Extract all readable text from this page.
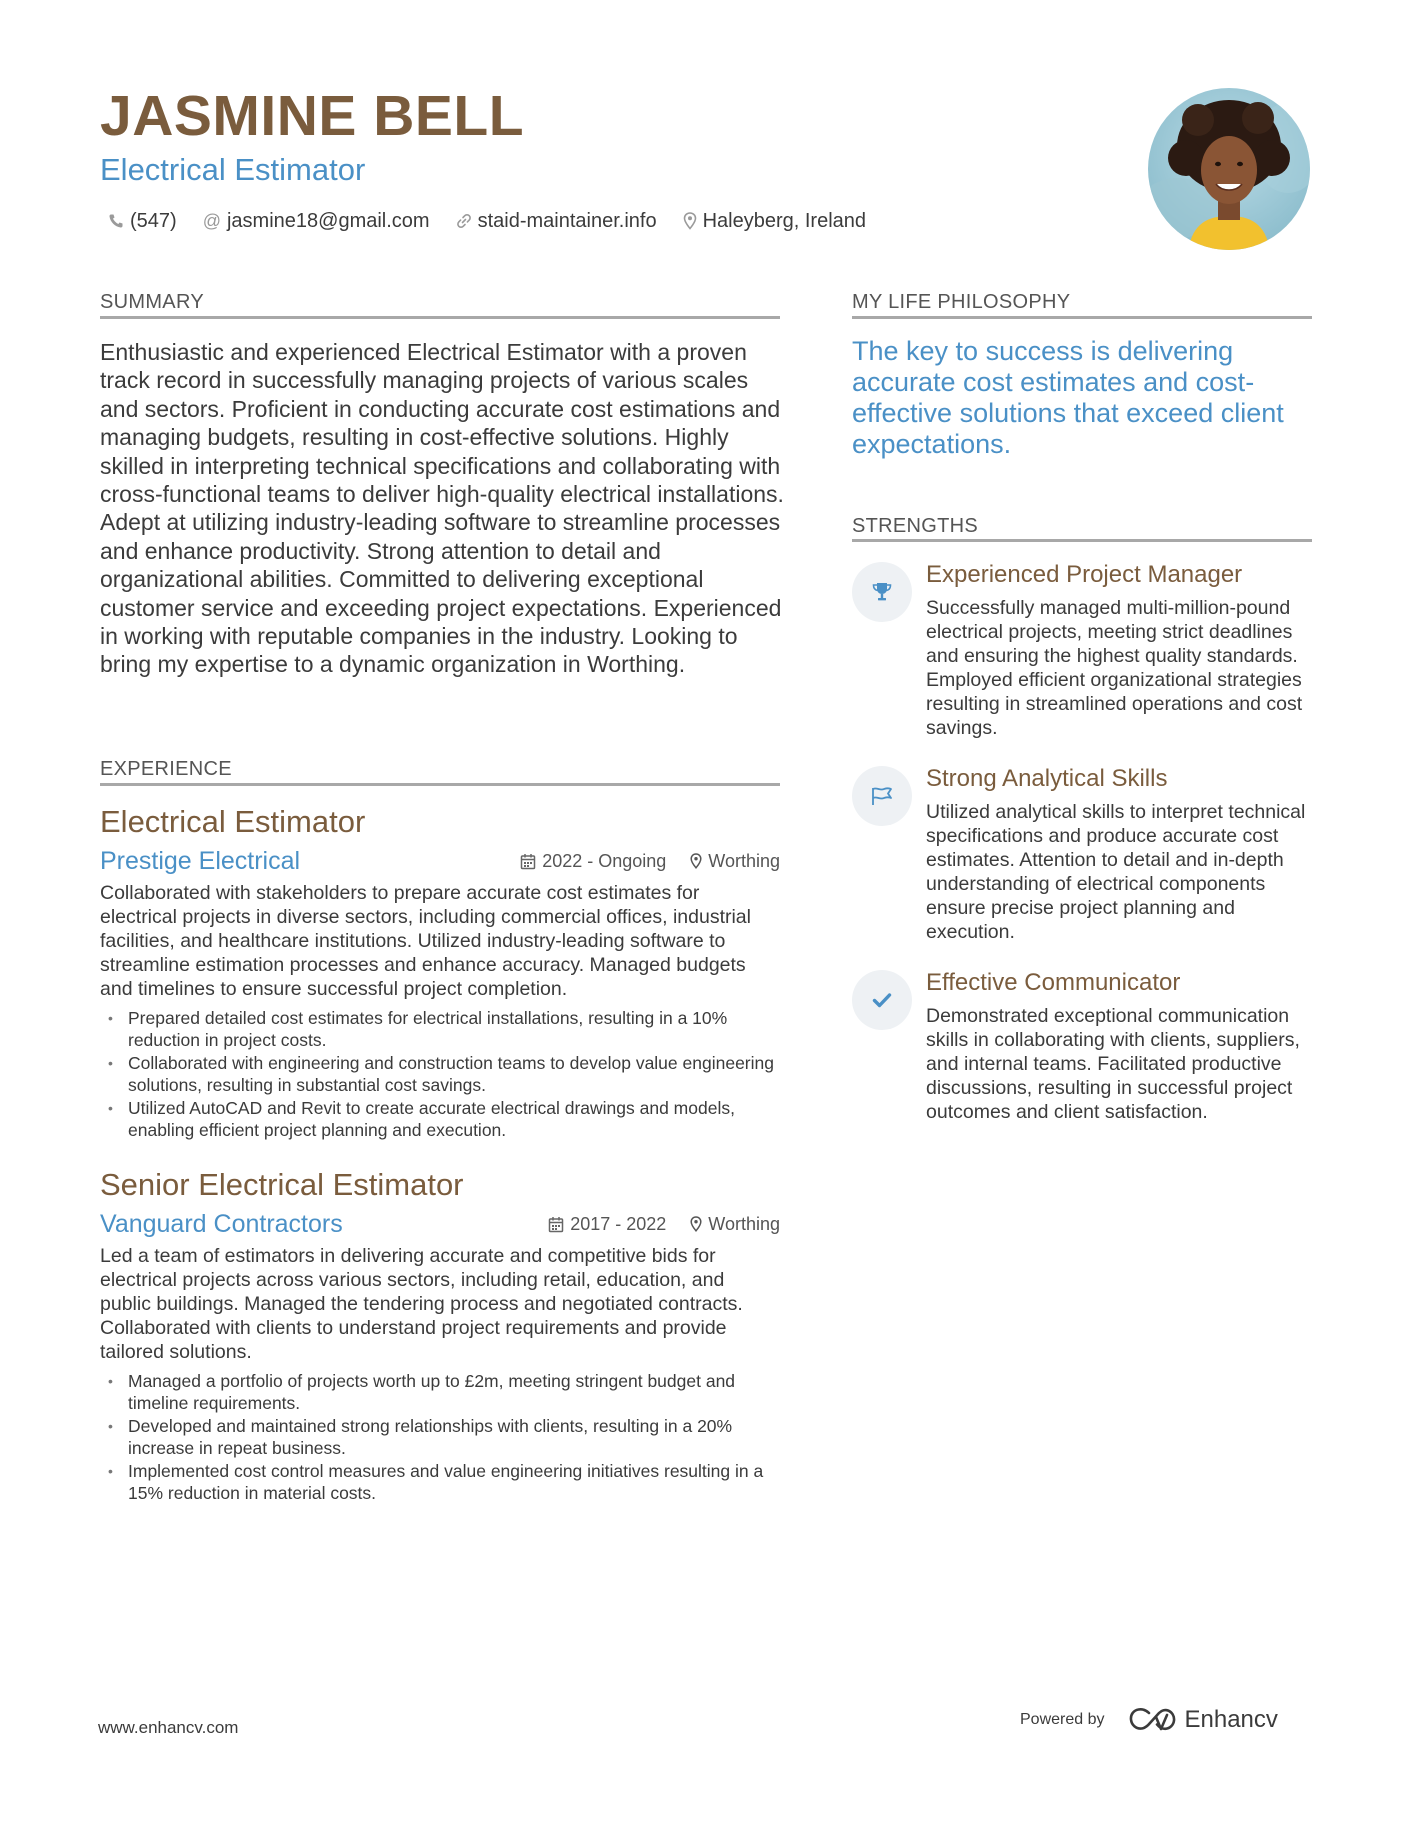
JASMINE BELL
Electrical Estimator
(547) @ jasmine18@gmail.com staid-maintainer.info Haleyberg, Ireland
SUMMARY
Enthusiastic and experienced Electrical Estimator with a proven track record in successfully managing projects of various scales and sectors. Proficient in conducting accurate cost estimations and managing budgets, resulting in cost-effective solutions. Highly skilled in interpreting technical specifications and collaborating with cross-functional teams to deliver high-quality electrical installations. Adept at utilizing industry-leading software to streamline processes and enhance productivity. Strong attention to detail and organizational abilities. Committed to delivering exceptional customer service and exceeding project expectations. Experienced in working with reputable companies in the industry. Looking to bring my expertise to a dynamic organization in Worthing.
EXPERIENCE
Electrical Estimator
Prestige Electrical	2022 - Ongoing Worthing
Collaborated with stakeholders to prepare accurate cost estimates for electrical projects in diverse sectors, including commercial offices, industrial facilities, and healthcare institutions. Utilized industry-leading software to streamline estimation processes and enhance accuracy. Managed budgets and timelines to ensure successful project completion.
• Prepared detailed cost estimates for electrical installations, resulting in a 10% reduction in project costs.
• Collaborated with engineering and construction teams to develop value engineering solutions, resulting in substantial cost savings.
• Utilized AutoCAD and Revit to create accurate electrical drawings and models, enabling efficient project planning and execution.
Senior Electrical Estimator
Vanguard Contractors	2017 - 2022 Worthing
Led a team of estimators in delivering accurate and competitive bids for electrical projects across various sectors, including retail, education, and public buildings. Managed the tendering process and negotiated contracts. Collaborated with clients to understand project requirements and provide tailored solutions.
• Managed a portfolio of projects worth up to £2m, meeting stringent budget and timeline requirements.
• Developed and maintained strong relationships with clients, resulting in a 20% increase in repeat business.
• Implemented cost control measures and value engineering initiatives resulting in a 15% reduction in material costs.
MY LIFE PHILOSOPHY
The key to success is delivering accurate cost estimates and cost-effective solutions that exceed client expectations.
STRENGTHS
Experienced Project Manager
Successfully managed multi-million-pound electrical projects, meeting strict deadlines and ensuring the highest quality standards. Employed efficient organizational strategies resulting in streamlined operations and cost savings.
Strong Analytical Skills
Utilized analytical skills to interpret technical specifications and produce accurate cost estimates. Attention to detail and in-depth understanding of electrical components ensure precise project planning and execution.
Effective Communicator
Demonstrated exceptional communication skills in collaborating with clients, suppliers, and internal teams. Facilitated productive discussions, resulting in successful project outcomes and client satisfaction.
www.enhancv.com	Powered by	Enhancv
